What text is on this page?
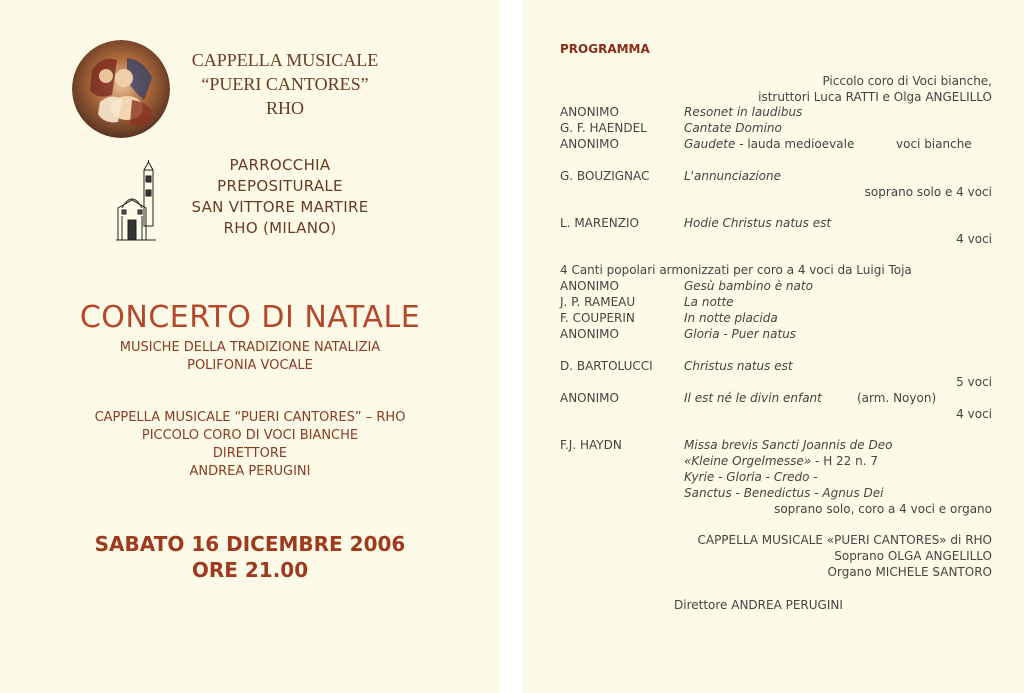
CAPPELLA MUSICALE
“PUERI CANTORES”
RHO
PARROCCHIA
PREPOSITURALE
SAN VITTORE MARTIRE
RHO (MILANO)
CONCERTO DI NATALE
MUSICHE DELLA TRADIZIONE NATALIZIA
POLIFONIA VOCALE
CAPPELLA MUSICALE “PUERI CANTORES” – RHO
PICCOLO CORO DI VOCI BIANCHE
DIRETTORE
ANDREA PERUGINI
SABATO 16 DICEMBRE 2006
ORE 21.00
PROGRAMMA
Piccolo coro di Voci bianche,
istruttori Luca RATTI e Olga ANGELILLO
ANONIMO	Resonet in laudibus
G. F. HAENDEL	Cantate Domino
ANONIMO	Gaudete - lauda medioevale	voci bianche
G. BOUZIGNAC	L'annunciazione
soprano solo e 4 voci
L. MARENZIO	Hodie Christus natus est
4 voci
4 Canti popolari armonizzati per coro a 4 voci da Luigi Toja
ANONIMO	Gesù bambino è nato
J. P. RAMEAU	La notte
F. COUPERIN	In notte placida
ANONIMO	Gloria - Puer natus
D. BARTOLUCCI	Christus natus est
5 voci
ANONIMO	Il est né le divin enfant	(arm. Noyon)
4 voci
F.J. HAYDN	Missa brevis Sancti Joannis de Deo
«Kleine Orgelmesse» - H 22 n. 7
Kyrie - Gloria - Credo -
Sanctus - Benedictus - Agnus Dei
soprano solo, coro a 4 voci e organo
CAPPELLA MUSICALE «PUERI CANTORES» di RHO
Soprano OLGA ANGELILLO
Organo MICHELE SANTORO
Direttore ANDREA PERUGINI
